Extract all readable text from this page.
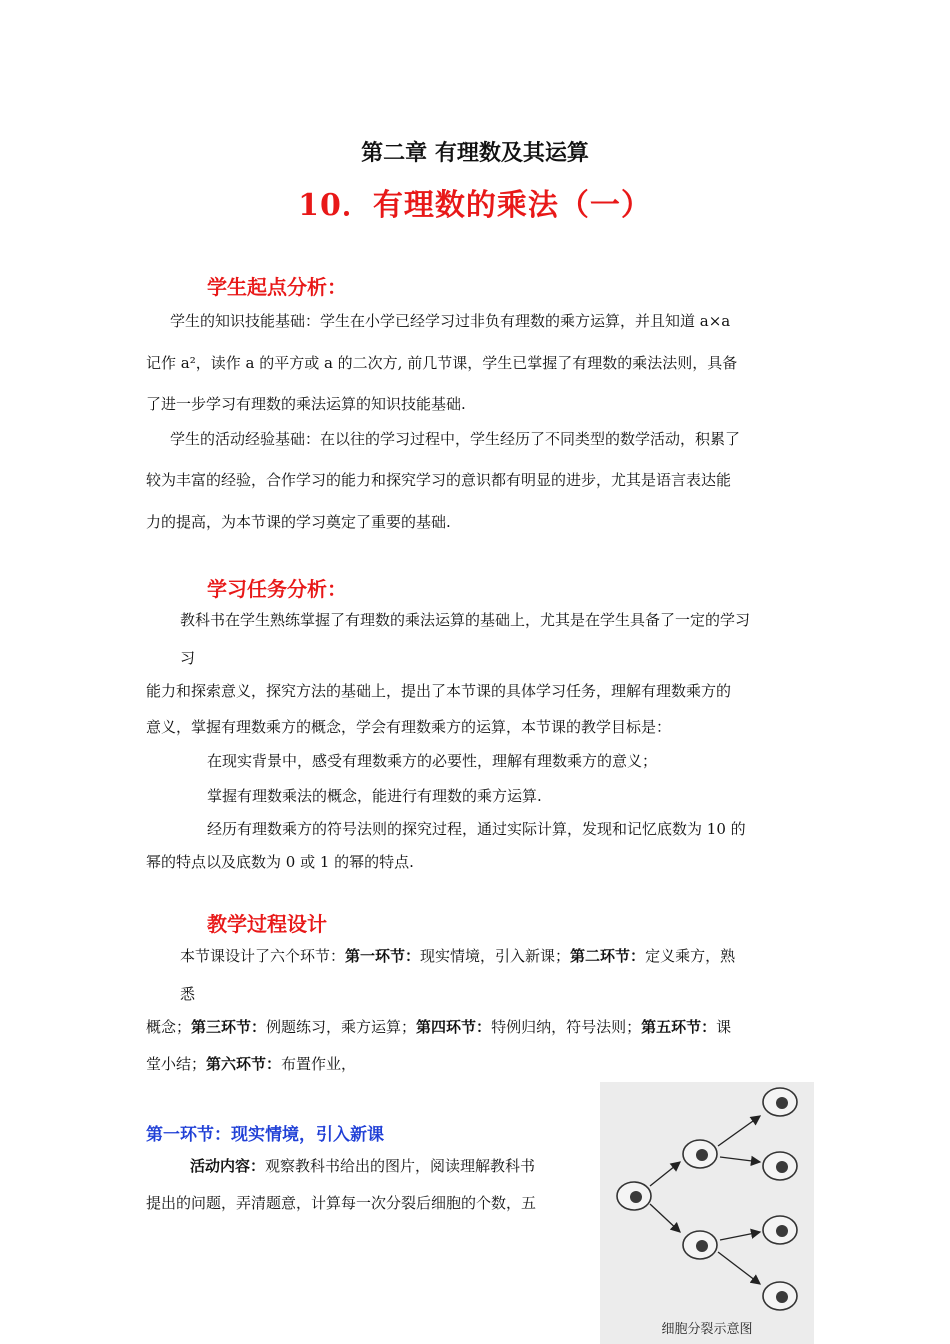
第二章 有理数及其运算
10．有理数的乘法（一）
学生起点分析：
学生的知识技能基础：学生在小学已经学习过非负有理数的乘方运算，并且知道 a×a
记作 a²，读作 a 的平方或 a 的二次方, 前几节课，学生已掌握了有理数的乘法法则，具备
了进一步学习有理数的乘法运算的知识技能基础.
学生的活动经验基础：在以往的学习过程中，学生经历了不同类型的数学活动，积累了
较为丰富的经验，合作学习的能力和探究学习的意识都有明显的进步，尤其是语言表达能
力的提高，为本节课的学习奠定了重要的基础.
学习任务分析：
教科书在学生熟练掌握了有理数的乘法运算的基础上，尤其是在学生具备了一定的学习
习
能力和探索意义，探究方法的基础上，提出了本节课的具体学习任务，理解有理数乘方的
意义，掌握有理数乘方的概念，学会有理数乘方的运算，本节课的教学目标是：
在现实背景中，感受有理数乘方的必要性，理解有理数乘方的意义；
掌握有理数乘法的概念，能进行有理数的乘方运算.
经历有理数乘方的符号法则的探究过程，通过实际计算，发现和记忆底数为 10 的
幂的特点以及底数为 0 或 1 的幂的特点.
教学过程设计
本节课设计了六个环节：第一环节：现实情境，引入新课；第二环节：定义乘方，熟
悉
概念；第三环节：例题练习，乘方运算；第四环节：特例归纳，符号法则；第五环节：课
堂小结；第六环节：布置作业，
第一环节：现实情境，引入新课
活动内容：观察教科书给出的图片，阅读理解教科书
提出的问题，弄清题意，计算每一次分裂后细胞的个数，五
细胞分裂示意图
